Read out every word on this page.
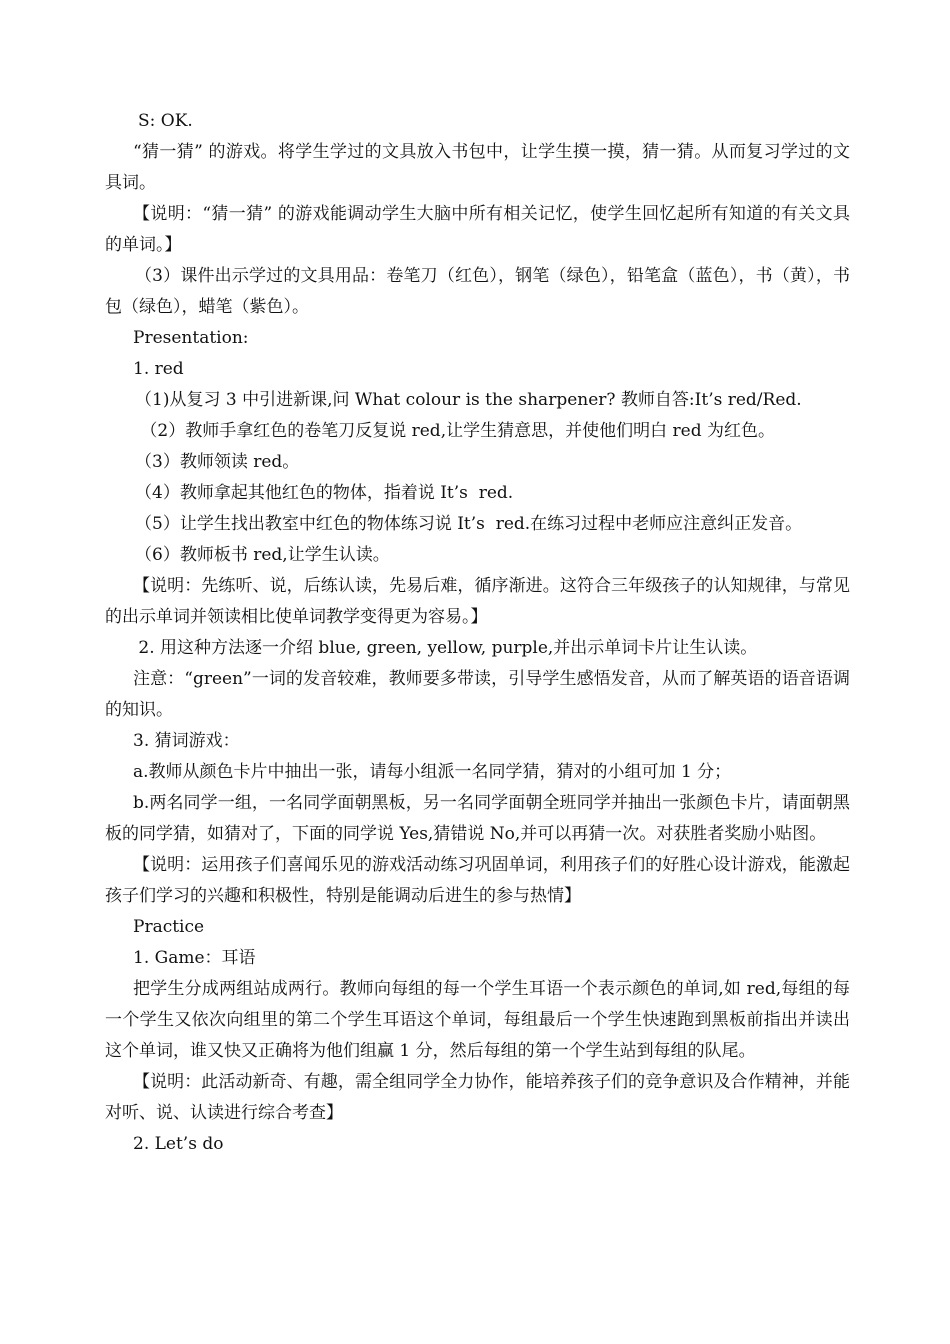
S: OK.

“猜一猜” 的游戏。将学生学过的文具放入书包中，让学生摸一摸，猜一猜。从而复习学过的文具词。

【说明：“猜一猜” 的游戏能调动学生大脑中所有相关记忆，使学生回忆起所有知道的有关文具的单词。】

（3）课件出示学过的文具用品：卷笔刀（红色），钢笔（绿色），铅笔盒（蓝色），书（黄），书包（绿色），蜡笔（紫色）。

Presentation:

1. red

（1)从复习 3 中引进新课,问 What colour is the sharpener? 教师自答:It’s red/Red.

（2）教师手拿红色的卷笔刀反复说 red,让学生猜意思，并使他们明白 red 为红色。

（3）教师领读 red。

（4）教师拿起其他红色的物体，指着说 It’s  red.

（5）让学生找出教室中红色的物体练习说 It’s  red.在练习过程中老师应注意纠正发音。

（6）教师板书 red,让学生认读。

【说明：先练听、说，后练认读，先易后难，循序渐进。这符合三年级孩子的认知规律，与常见的出示单词并领读相比使单词教学变得更为容易。】

2. 用这种方法逐一介绍 blue, green, yellow, purple,并出示单词卡片让生认读。

注意：“green”一词的发音较难，教师要多带读，引导学生感悟发音，从而了解英语的语音语调的知识。

3. 猜词游戏：

a.教师从颜色卡片中抽出一张，请每小组派一名同学猜，猜对的小组可加 1 分；

b.两名同学一组，一名同学面朝黑板，另一名同学面朝全班同学并抽出一张颜色卡片，请面朝黑板的同学猜，如猜对了，下面的同学说 Yes,猜错说 No,并可以再猜一次。对获胜者奖励小贴图。

【说明：运用孩子们喜闻乐见的游戏活动练习巩固单词，利用孩子们的好胜心设计游戏，能激起孩子们学习的兴趣和积极性，特别是能调动后进生的参与热情】

Practice

1. Game：耳语

把学生分成两组站成两行。教师向每组的每一个学生耳语一个表示颜色的单词,如 red,每组的每一个学生又依次向组里的第二个学生耳语这个单词，每组最后一个学生快速跑到黑板前指出并读出这个单词，谁又快又正确将为他们组赢 1 分，然后每组的第一个学生站到每组的队尾。

【说明：此活动新奇、有趣，需全组同学全力协作，能培养孩子们的竞争意识及合作精神，并能对听、说、认读进行综合考查】

2. Let’s do
